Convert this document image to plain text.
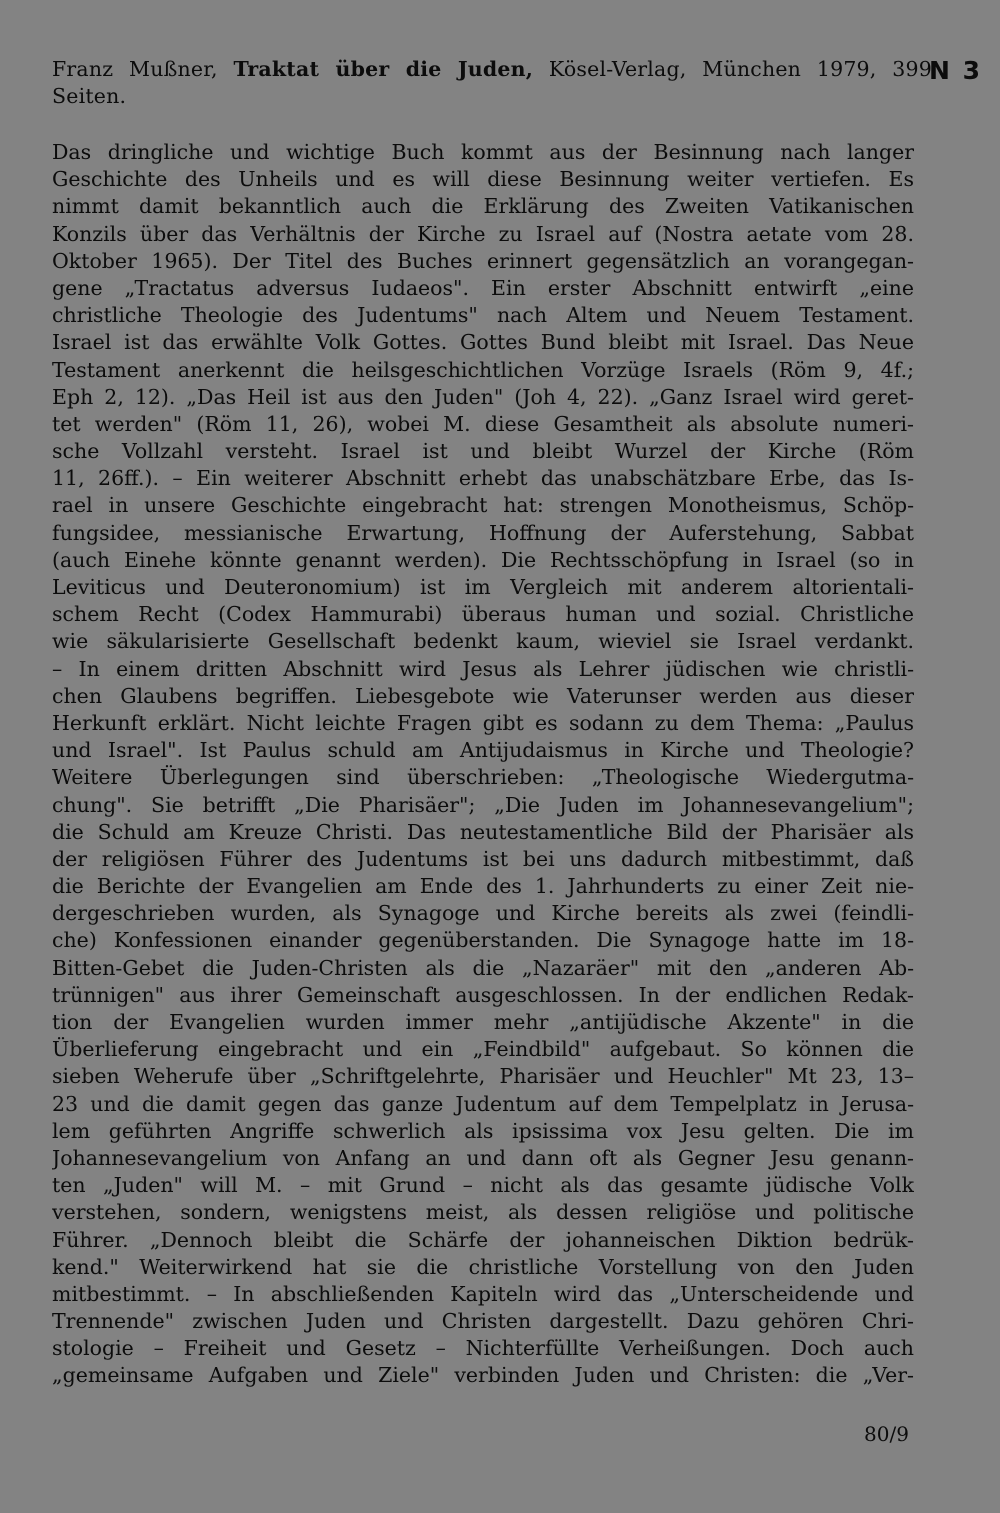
Franz Mußner, Traktat über die Juden, Kösel-Verlag, München 1979, 399
Seiten.
N 3
Das dringliche und wichtige Buch kommt aus der Besinnung nach langer
Geschichte des Unheils und es will diese Besinnung weiter vertiefen. Es
nimmt damit bekanntlich auch die Erklärung des Zweiten Vatikanischen
Konzils über das Verhältnis der Kirche zu Israel auf (Nostra aetate vom 28.
Oktober 1965). Der Titel des Buches erinnert gegensätzlich an vorangegan-
gene „Tractatus adversus Iudaeos". Ein erster Abschnitt entwirft „eine
christliche Theologie des Judentums" nach Altem und Neuem Testament.
Israel ist das erwählte Volk Gottes. Gottes Bund bleibt mit Israel. Das Neue
Testament anerkennt die heilsgeschichtlichen Vorzüge Israels (Röm 9, 4f.;
Eph 2, 12). „Das Heil ist aus den Juden" (Joh 4, 22). „Ganz Israel wird geret-
tet werden" (Röm 11, 26), wobei M. diese Gesamtheit als absolute numeri-
sche Vollzahl versteht. Israel ist und bleibt Wurzel der Kirche (Röm
11, 26ff.). – Ein weiterer Abschnitt erhebt das unabschätzbare Erbe, das Is-
rael in unsere Geschichte eingebracht hat: strengen Monotheismus, Schöp-
fungsidee, messianische Erwartung, Hoffnung der Auferstehung, Sabbat
(auch Einehe könnte genannt werden). Die Rechtsschöpfung in Israel (so in
Leviticus und Deuteronomium) ist im Vergleich mit anderem altorientali-
schem Recht (Codex Hammurabi) überaus human und sozial. Christliche
wie säkularisierte Gesellschaft bedenkt kaum, wieviel sie Israel verdankt.
– In einem dritten Abschnitt wird Jesus als Lehrer jüdischen wie christli-
chen Glaubens begriffen. Liebesgebote wie Vaterunser werden aus dieser
Herkunft erklärt. Nicht leichte Fragen gibt es sodann zu dem Thema: „Paulus
und Israel". Ist Paulus schuld am Antijudaismus in Kirche und Theologie?
Weitere Überlegungen sind überschrieben: „Theologische Wiedergutma-
chung". Sie betrifft „Die Pharisäer"; „Die Juden im Johannesevangelium";
die Schuld am Kreuze Christi. Das neutestamentliche Bild der Pharisäer als
der religiösen Führer des Judentums ist bei uns dadurch mitbestimmt, daß
die Berichte der Evangelien am Ende des 1. Jahrhunderts zu einer Zeit nie-
dergeschrieben wurden, als Synagoge und Kirche bereits als zwei (feindli-
che) Konfessionen einander gegenüberstanden. Die Synagoge hatte im 18-
Bitten-Gebet die Juden-Christen als die „Nazaräer" mit den „anderen Ab-
trünnigen" aus ihrer Gemeinschaft ausgeschlossen. In der endlichen Redak-
tion der Evangelien wurden immer mehr „antijüdische Akzente" in die
Überlieferung eingebracht und ein „Feindbild" aufgebaut. So können die
sieben Weherufe über „Schriftgelehrte, Pharisäer und Heuchler" Mt 23, 13–
23 und die damit gegen das ganze Judentum auf dem Tempelplatz in Jerusa-
lem geführten Angriffe schwerlich als ipsissima vox Jesu gelten. Die im
Johannesevangelium von Anfang an und dann oft als Gegner Jesu genann-
ten „Juden" will M. – mit Grund – nicht als das gesamte jüdische Volk
verstehen, sondern, wenigstens meist, als dessen religiöse und politische
Führer. „Dennoch bleibt die Schärfe der johanneischen Diktion bedrük-
kend." Weiterwirkend hat sie die christliche Vorstellung von den Juden
mitbestimmt. – In abschließenden Kapiteln wird das „Unterscheidende und
Trennende" zwischen Juden und Christen dargestellt. Dazu gehören Chri-
stologie – Freiheit und Gesetz – Nichterfüllte Verheißungen. Doch auch
„gemeinsame Aufgaben und Ziele" verbinden Juden und Christen: die „Ver-
80/9
